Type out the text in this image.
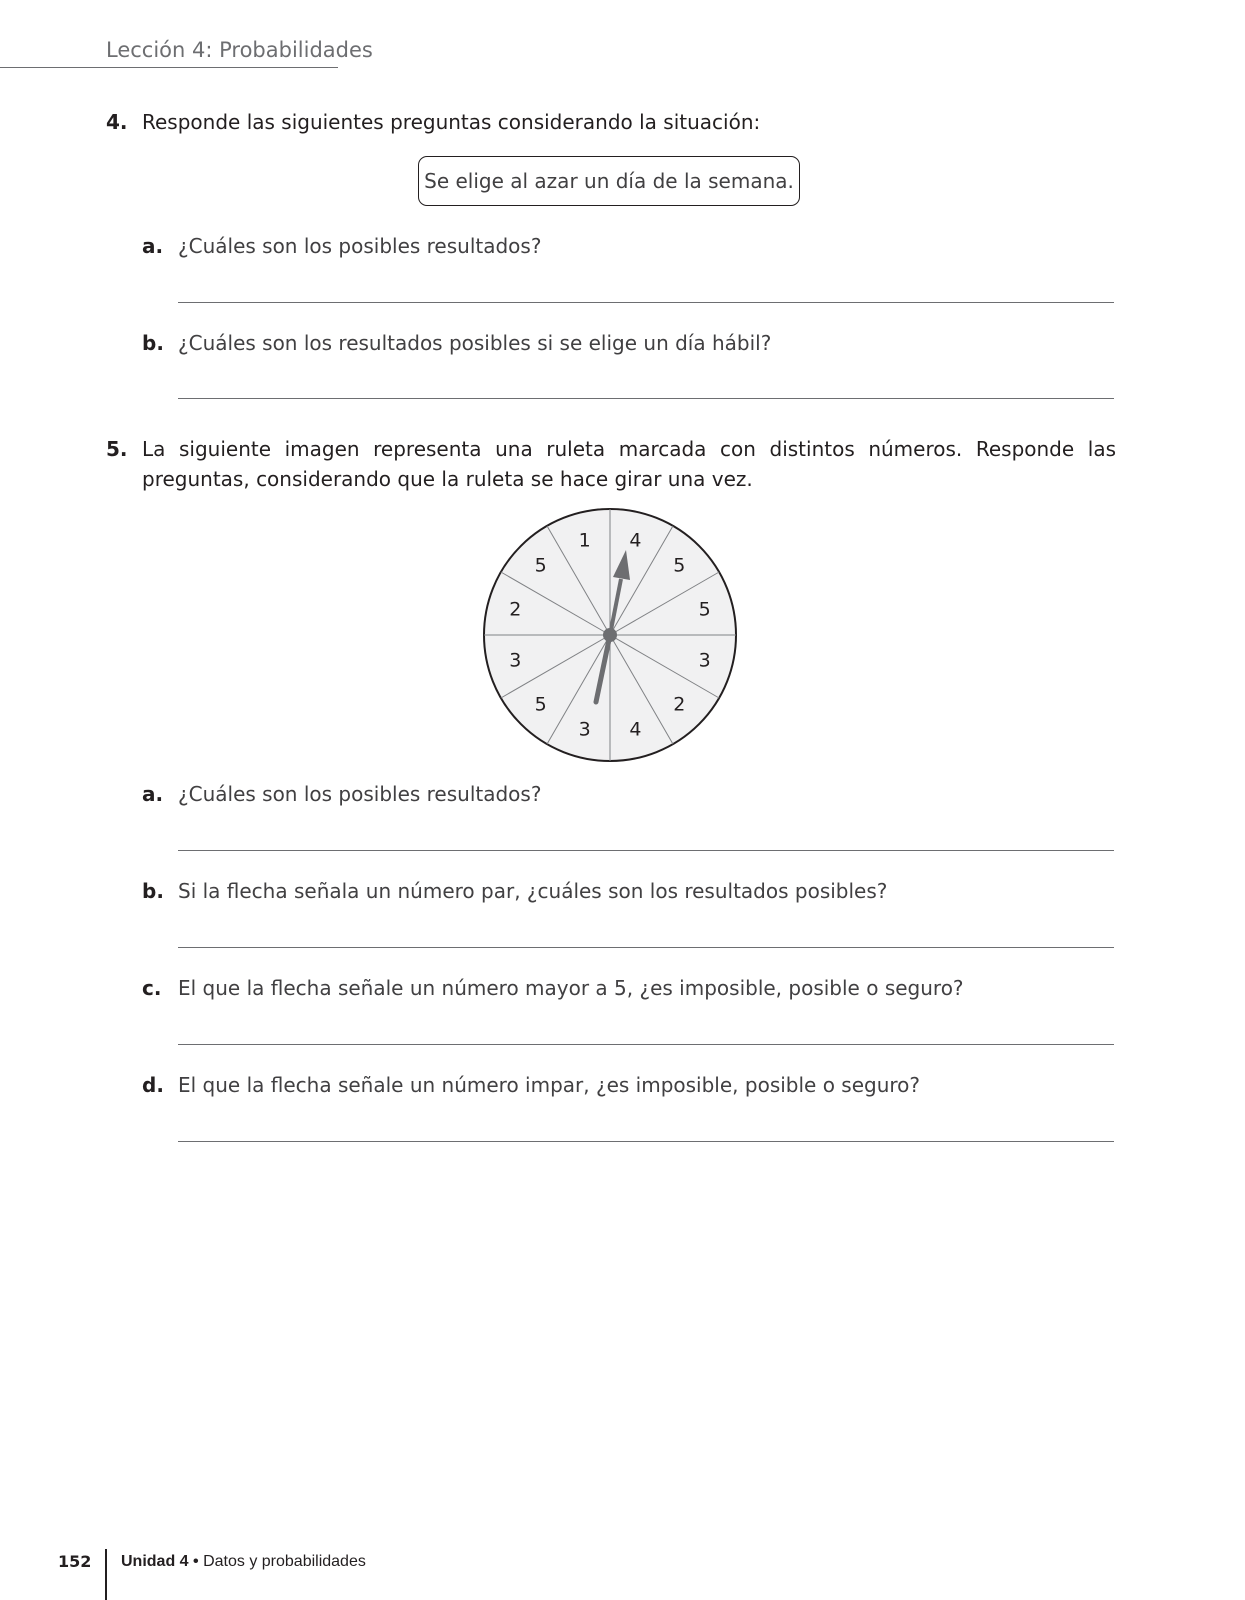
Lección 4: Probabilidades
4. Responde las siguientes preguntas considerando la situación:
Se elige al azar un día de la semana.
a. ¿Cuáles son los posibles resultados?
b. ¿Cuáles son los resultados posibles si se elige un día hábil?
5. La siguiente imagen representa una ruleta marcada con distintos números. Responde las preguntas, considerando que la ruleta se hace girar una vez.
4
5
5
3
2
4
3
5
3
2
5
1
a. ¿Cuáles son los posibles resultados?
b. Si la flecha señala un número par, ¿cuáles son los resultados posibles?
c. El que la flecha señale un número mayor a 5, ¿es imposible, posible o seguro?
d. El que la flecha señale un número impar, ¿es imposible, posible o seguro?
152 Unidad 4 • Datos y probabilidades
